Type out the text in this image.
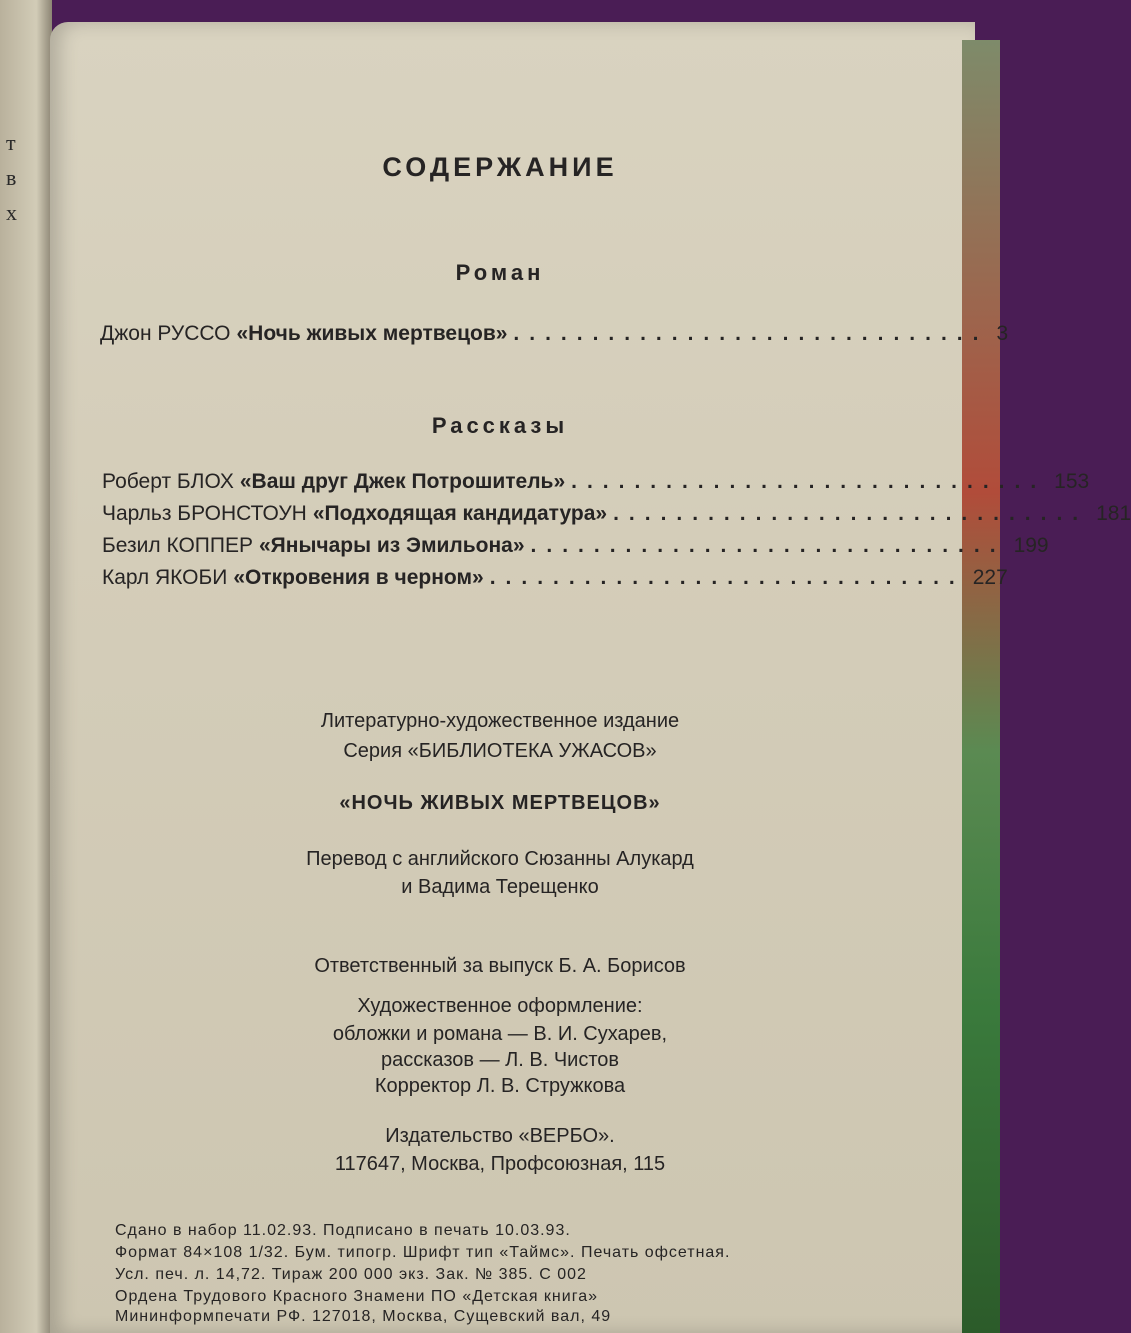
т
в
х
СОДЕРЖАНИЕ
Роман
Джон РУССО «Ночь живых мертвецов» .............................. 3
Рассказы
Роберт БЛОХ «Ваш друг Джек Потрошитель» .............................. 153
Чарльз БРОНСТОУН «Подходящая кандидатура» .............................. 181
Безил КОППЕР «Янычары из Эмильона» .............................. 199
Карл ЯКОБИ «Откровения в черном» .............................. 227
Литературно-художественное издание
Серия «БИБЛИОТЕКА УЖАСОВ»
«НОЧЬ ЖИВЫХ МЕРТВЕЦОВ»
Перевод с английского Сюзанны Алукард
и Вадима Терещенко
Ответственный за выпуск Б. А. Борисов
Художественное оформление:
обложки и романа — В. И. Сухарев,
рассказов — Л. В. Чистов
Корректор Л. В. Стружкова
Издательство «ВЕРБО».
117647, Москва, Профсоюзная, 115
Сдано в набор 11.02.93. Подписано в печать 10.03.93.
Формат 84×108 1/32. Бум. типогр. Шрифт тип «Таймс». Печать офсетная.
Усл. печ. л. 14,72. Тираж 200 000 экз. Зак. № 385. С 002
Ордена Трудового Красного Знамени ПО «Детская книга»
Мининформпечати РФ. 127018, Москва, Сущевский вал, 49
